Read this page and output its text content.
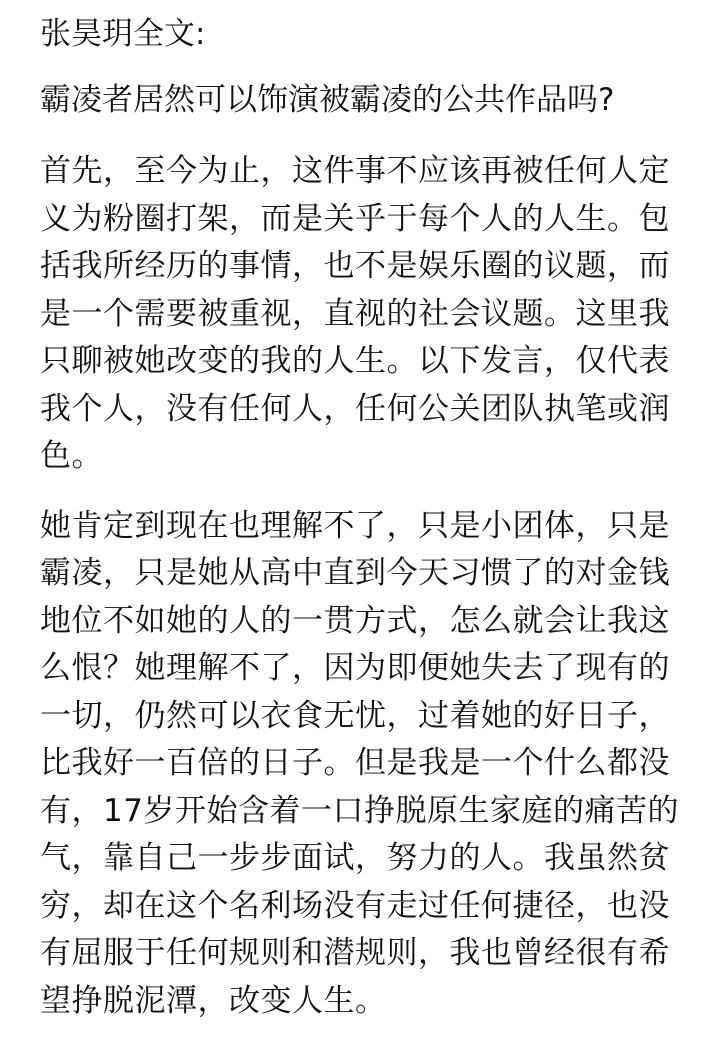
张昊玥全文:
霸凌者居然可以饰演被霸凌的公共作品吗?
首先，至今为止，这件事不应该再被任何人定
义为粉圈打架，而是关乎于每个人的人生。包
括我所经历的事情，也不是娱乐圈的议题，而
是一个需要被重视，直视的社会议题。这里我
只聊被她改变的我的人生。以下发言，仅代表
我个人，没有任何人，任何公关团队执笔或润
色。
她肯定到现在也理解不了，只是小团体，只是
霸凌，只是她从高中直到今天习惯了的对金钱
地位不如她的人的一贯方式，怎么就会让我这
么恨？她理解不了，因为即便她失去了现有的
一切，仍然可以衣食无忧，过着她的好日子，
比我好一百倍的日子。但是我是一个什么都没
有，17岁开始含着一口挣脱原生家庭的痛苦的
气，靠自己一步步面试，努力的人。我虽然贫
穷，却在这个名利场没有走过任何捷径，也没
有屈服于任何规则和潜规则，我也曾经很有希
望挣脱泥潭，改变人生。
